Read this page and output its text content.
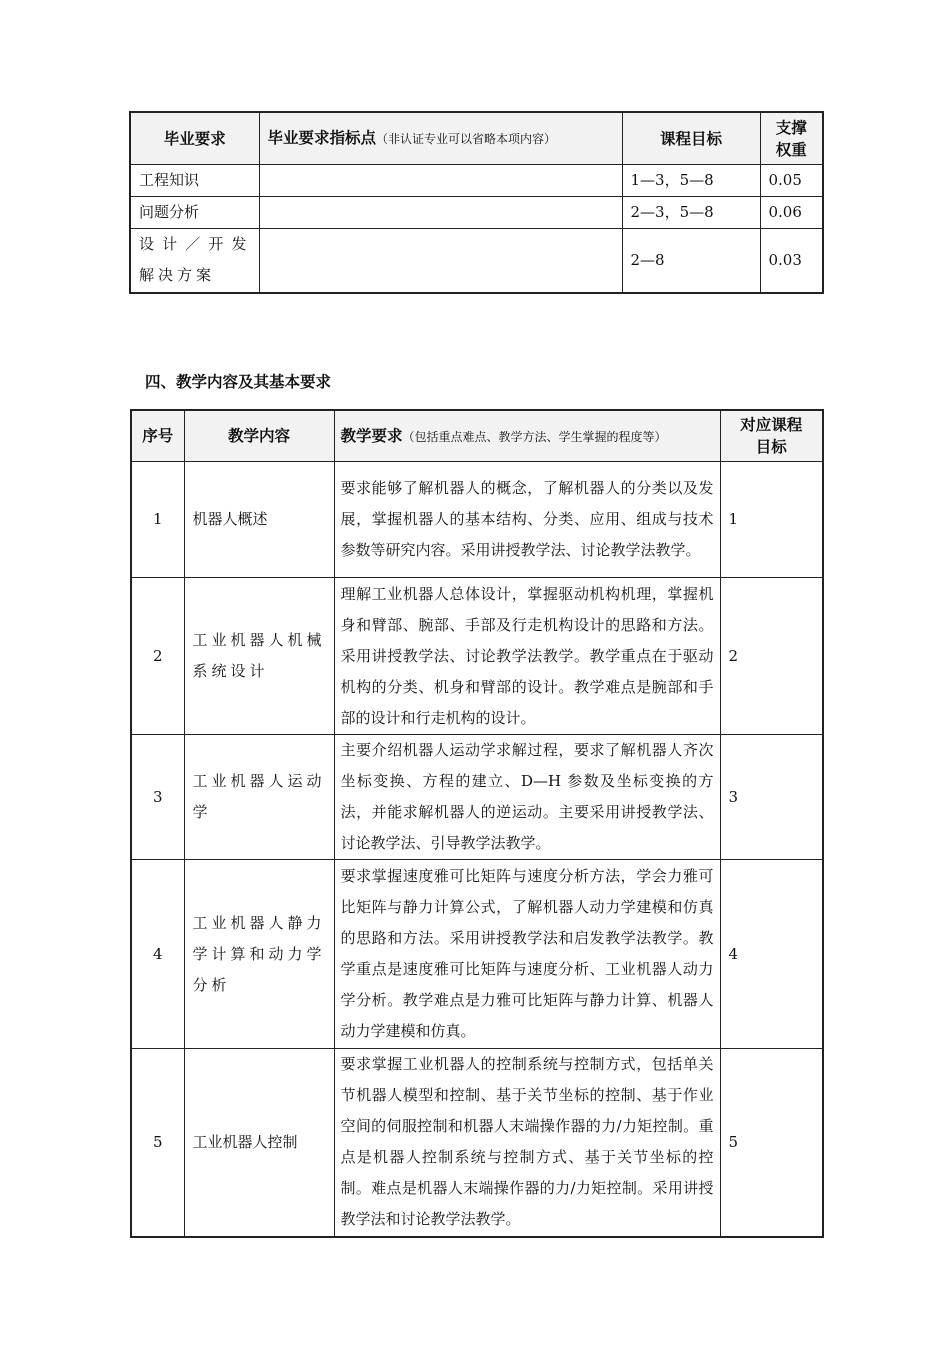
毕业要求	毕业要求指标点（非认证专业可以省略本项内容）	课程目标	支撑
权重
工程知识		1—3，5—8	0.05
问题分析		2—3，5—8	0.06
设计／开发解决方案		2—8	0.03
四、教学内容及其基本要求
序号	教学内容	教学要求（包括重点难点、教学方法、学生掌握的程度等）	对应课程
目标
1	机器人概述	要求能够了解机器人的概念，了解机器人的分类以及发展，掌握机器人的基本结构、分类、应用、组成与技术参数等研究内容。采用讲授教学法、讨论教学法教学。	1
2	工业机器人机械系统设计	理解工业机器人总体设计，掌握驱动机构机理，掌握机身和臂部、腕部、手部及行走机构设计的思路和方法。采用讲授教学法、讨论教学法教学。教学重点在于驱动机构的分类、机身和臂部的设计。教学难点是腕部和手部的设计和行走机构的设计。	2
3	工业机器人运动学	主要介绍机器人运动学求解过程，要求了解机器人齐次坐标变换、方程的建立、D—H 参数及坐标变换的方法，并能求解机器人的逆运动。主要采用讲授教学法、讨论教学法、引导教学法教学。	3
4	工业机器人静力学计算和动力学分析	要求掌握速度雅可比矩阵与速度分析方法，学会力雅可比矩阵与静力计算公式，了解机器人动力学建模和仿真的思路和方法。采用讲授教学法和启发教学法教学。教学重点是速度雅可比矩阵与速度分析、工业机器人动力学分析。教学难点是力雅可比矩阵与静力计算、机器人动力学建模和仿真。	4
5	工业机器人控制	要求掌握工业机器人的控制系统与控制方式，包括单关节机器人模型和控制、基于关节坐标的控制、基于作业空间的伺服控制和机器人末端操作器的力/力矩控制。重点是机器人控制系统与控制方式、基于关节坐标的控制。难点是机器人末端操作器的力/力矩控制。采用讲授教学法和讨论教学法教学。	5
